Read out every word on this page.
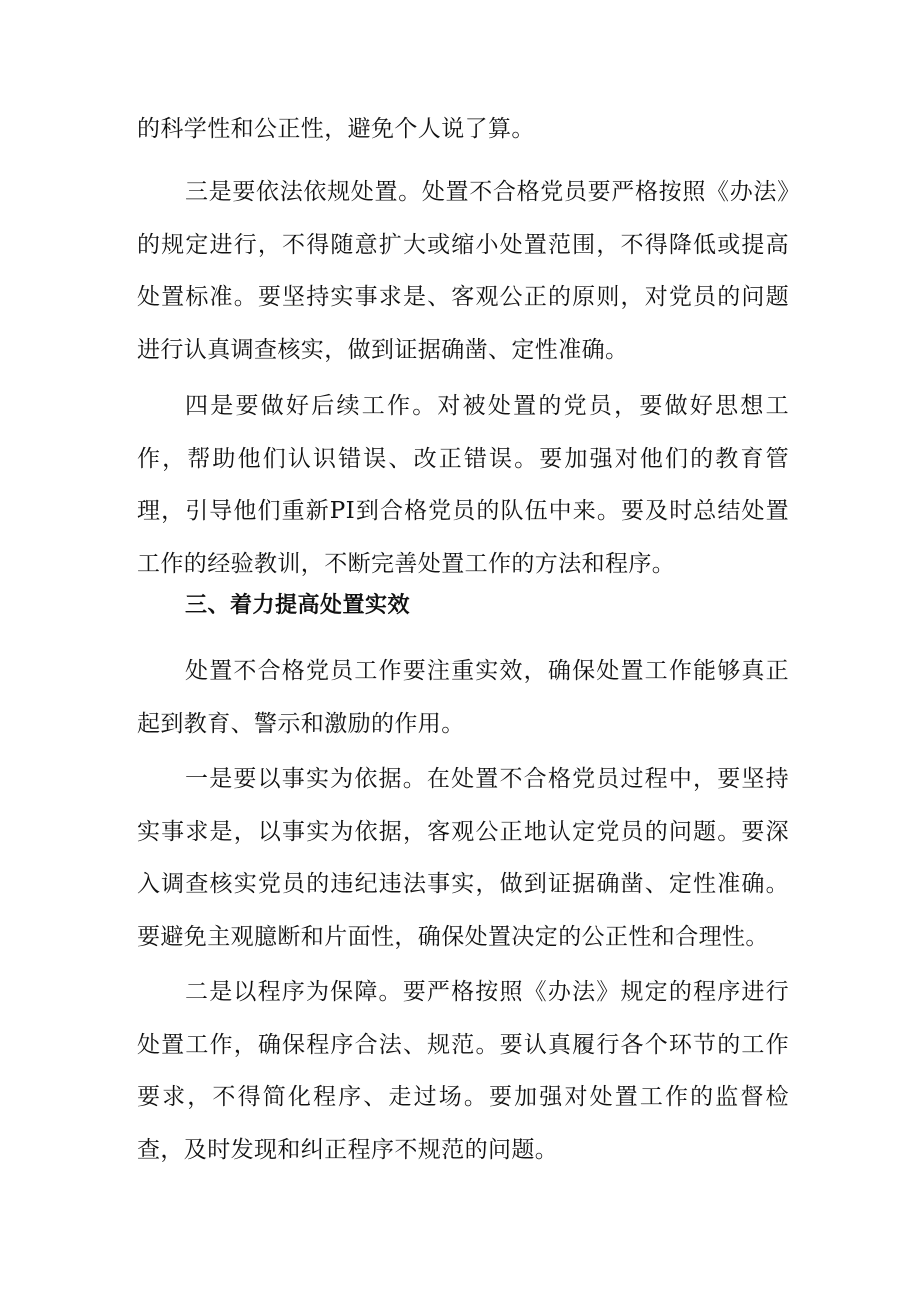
的科学性和公正性，避免个人说了算。

三是要依法依规处置。处置不合格党员要严格按照《办法》的规定进行，不得随意扩大或缩小处置范围，不得降低或提高处置标准。要坚持实事求是、客观公正的原则，对党员的问题进行认真调查核实，做到证据确凿、定性准确。

四是要做好后续工作。对被处置的党员，要做好思想工作，帮助他们认识错误、改正错误。要加强对他们的教育管理，引导他们重新PI到合格党员的队伍中来。要及时总结处置工作的经验教训，不断完善处置工作的方法和程序。

三、着力提高处置实效

处置不合格党员工作要注重实效，确保处置工作能够真正起到教育、警示和激励的作用。

一是要以事实为依据。在处置不合格党员过程中，要坚持实事求是，以事实为依据，客观公正地认定党员的问题。要深入调查核实党员的违纪违法事实，做到证据确凿、定性准确。要避免主观臆断和片面性，确保处置决定的公正性和合理性。

二是以程序为保障。要严格按照《办法》规定的程序进行处置工作，确保程序合法、规范。要认真履行各个环节的工作要求，不得简化程序、走过场。要加强对处置工作的监督检查，及时发现和纠正程序不规范的问题。
